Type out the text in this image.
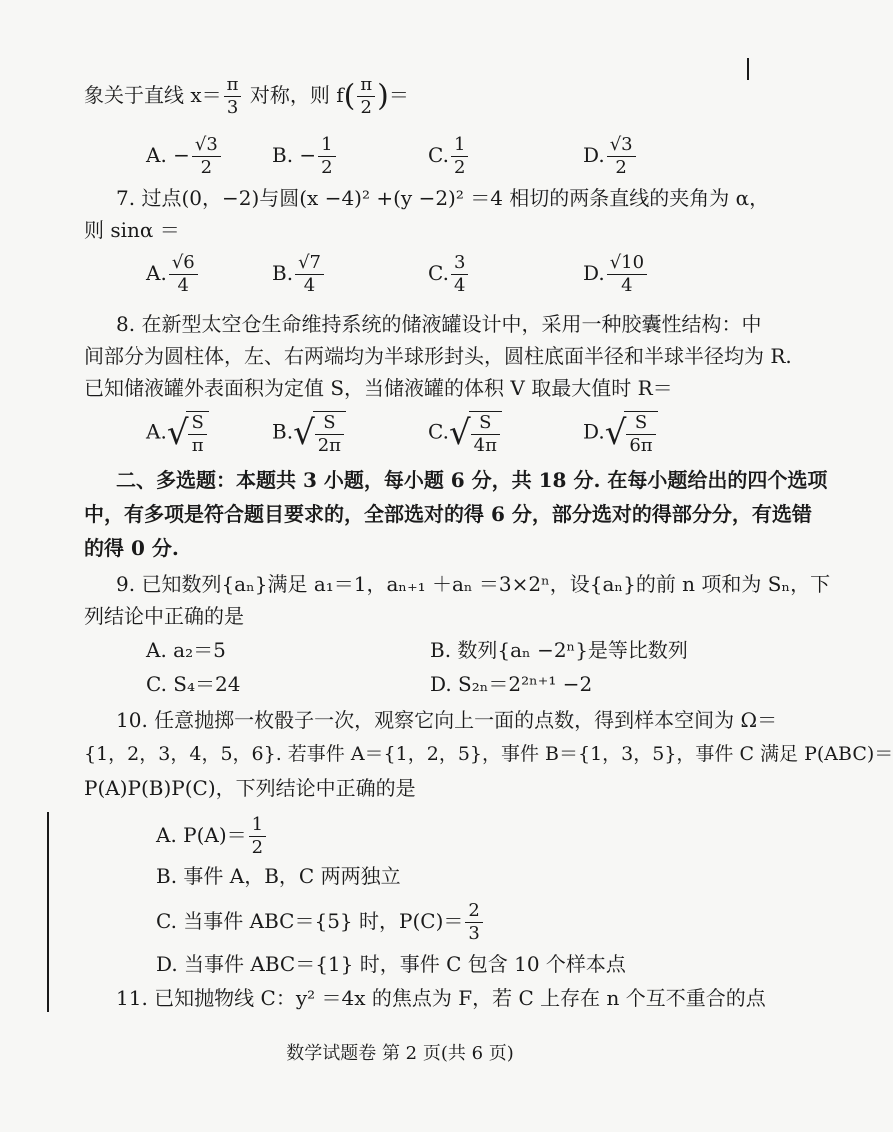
象关于直线 $x= \frac{\pi}{3}$ 对称，则 $f( \frac{\pi}{2}$ )＝
A. − $\frac{√3}{2}$	B. − $\frac{1}{2}$	C. $\frac{1}{2}$	D. $\frac{√3}{2}$
7. 过点(0，−2)与圆(x −4)² +(y −2)² ＝4 相切的两条直线的夹角为 α，
则 sinα ＝
A. $\frac{√6}{4}$	B. $\frac{√7}{4}$	C. $\frac{3}{4}$	D. $\frac{√10}{4}$
8. 在新型太空仓生命维持系统的储液罐设计中，采用一种胶囊性结构：中
间部分为圆柱体，左、右两端均为半球形封头，圆柱底面半径和半球半径均为 R.
已知储液罐外表面积为定值 S，当储液罐的体积 V 取最大值时 R＝
$A.√ \frac{S}{\pi}$	$B.√ \frac{S}{2\pi}$	$C.√ \frac{S}{4\pi}$	$D.√ \frac{S}{6\pi}$
二、多选题：本题共 3 小题，每小题 6 分，共 18 分. 在每小题给出的四个选项
中，有多项是符合题目要求的，全部选对的得 6 分，部分选对的得部分分，有选错
的得 0 分.
9. 已知数列{aₙ}满足 a₁＝1，aₙ₊₁ ＋aₙ ＝3×2ⁿ，设{aₙ}的前 n 项和为 Sₙ，下
列结论中正确的是
A. a₂＝5	B. 数列{aₙ −2ⁿ}是等比数列
C. S₄＝24	D. S₂ₙ＝2²ⁿ⁺¹ −2
10. 任意抛掷一枚骰子一次，观察它向上一面的点数，得到样本空间为 Ω＝
{1，2，3，4，5，6}. 若事件 A＝{1，2，5}，事件 B＝{1，3，5}，事件 C 满足 P(ABC)＝
P(A)P(B)P(C)，下列结论中正确的是
A. $P(A)= \frac{1}{2}$
B. 事件 A，B，C 两两独立
C. 当事件 ABC＝{5} 时，$P(C)= \frac{2}{3}$
D. 当事件 ABC＝{1} 时，事件 C 包含 10 个样本点
11. 已知抛物线 C：y² ＝4x 的焦点为 F，若 C 上存在 n 个互不重合的点
数学试题卷 第 2 页(共 6 页)
